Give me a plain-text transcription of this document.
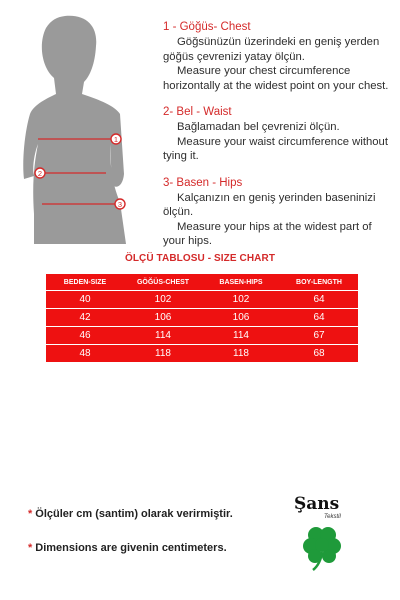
1
2
3
1 - Göğüs- Chest
Göğsünüzün üzerindeki en geniş yerden göğüs çevrenizi yatay ölçün.
Measure your chest circumference horizontally at the widest point on your chest.
2- Bel - Waist
Bağlamadan bel çevrenizi ölçün.
Measure your waist circumference without tying it.
3- Basen - Hips
Kalçanızın en geniş yerinden baseninizi ölçün.
Measure your hips at the widest part of your hips.
ÖLÇÜ TABLOSU - SIZE CHART
BEDEN-SIZE	GÖĞÜS-CHEST	BASEN-HIPS	BOY-LENGTH
40	102	102	64
42	106	106	64
46	114	114	67
48	118	118	68
* Ölçüler cm (santim) olarak verirmiştir.
* Dimensions are givenin centimeters.
Şans
Tekstil
